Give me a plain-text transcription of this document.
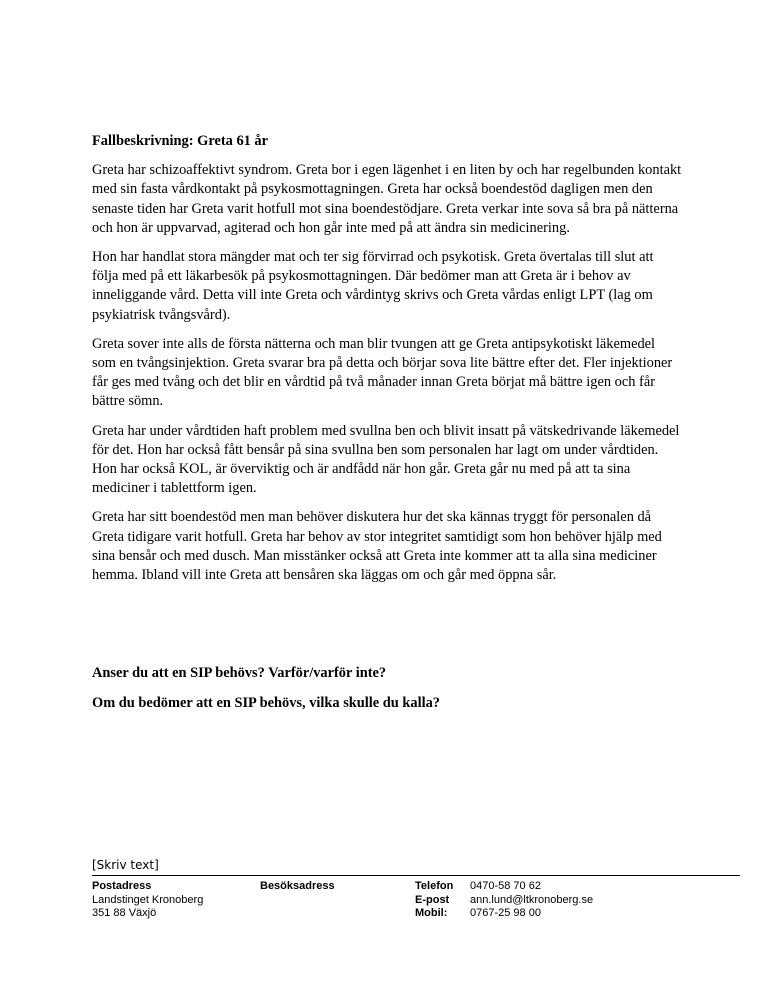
Fallbeskrivning: Greta 61 år

Greta har schizoaffektivt syndrom. Greta bor i egen lägenhet i en liten by och har regelbunden kontakt med sin fasta vårdkontakt på psykosmottagningen. Greta har också boendestöd dagligen men den senaste tiden har Greta varit hotfull mot sina boendestödjare. Greta verkar inte sova så bra på nätterna och hon är uppvarvad, agiterad och hon går inte med på att ändra sin medicinering.

Hon har handlat stora mängder mat och ter sig förvirrad och psykotisk. Greta övertalas till slut att följa med på ett läkarbesök på psykosmottagningen. Där bedömer man att Greta är i behov av inneliggande vård. Detta vill inte Greta och vårdintyg skrivs och Greta vårdas enligt LPT (lag om psykiatrisk tvångsvård).

Greta sover inte alls de första nätterna och man blir tvungen att ge Greta antipsykotiskt läkemedel som en tvångsinjektion. Greta svarar bra på detta och börjar sova lite bättre efter det. Fler injektioner får ges med tvång och det blir en vårdtid på två månader innan Greta börjat må bättre igen och får bättre sömn.

Greta har under vårdtiden haft problem med svullna ben och blivit insatt på vätskedrivande läkemedel för det. Hon har också fått bensår på sina svullna ben som personalen har lagt om under vårdtiden. Hon har också KOL, är överviktig och är andfådd när hon går. Greta går nu med på att ta sina mediciner i tablettform igen.

Greta har sitt boendestöd men man behöver diskutera hur det ska kännas tryggt för personalen då Greta tidigare varit hotfull. Greta har behov av stor integritet samtidigt som hon behöver hjälp med sina bensår och med dusch. Man misstänker också att Greta inte kommer att ta alla sina mediciner hemma. Ibland vill inte Greta att bensåren ska läggas om och går med öppna sår.

Anser du att en SIP behövs? Varför/varför inte?

Om du bedömer att en SIP behövs, vilka skulle du kalla?

[Skriv text]
Postadress
Landstinget Kronoberg
351 88 Växjö
Besöksadress	Telefon
E-post
Mobil:
0470-58 70 62
ann.lund@ltkronoberg.se
0767-25 98 00
